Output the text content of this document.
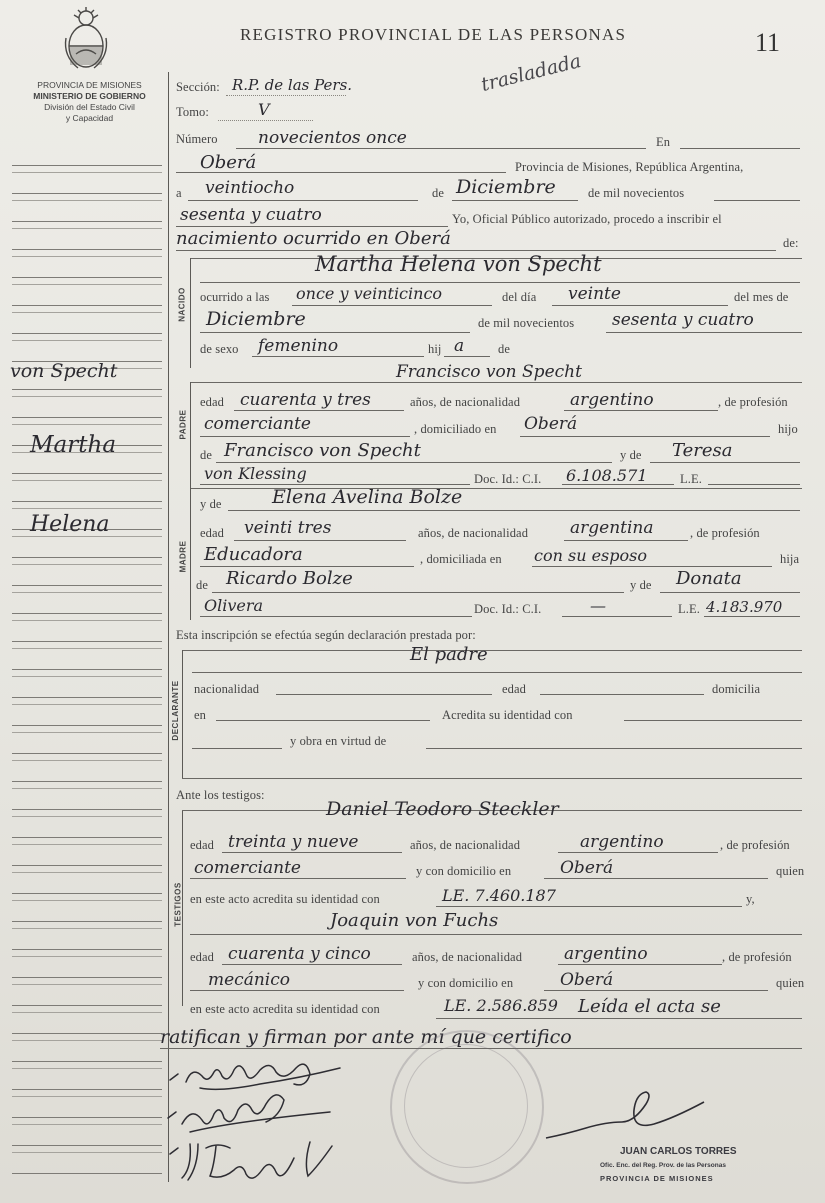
PROVINCIA DE MISIONES
MINISTERIO DE GOBIERNO
División del Estado Civil
y Capacidad
REGISTRO PROVINCIAL DE LAS PERSONAS	11
von Specht
Martha
Helena
Sección: R.P. de las Pers.	trasladada
Tomo:	V
Número novecientos once	En
Oberá	Provincia de Misiones, República Argentina,
a veintiocho	de Diciembre	de mil novecientos
sesenta y cuatro	Yo, Oficial Público autorizado, procedo a inscribir el
nacimiento ocurrido en Oberá	de:
NACIDO
Martha Helena von Specht
ocurrido a las once y veinticinco	del día veinte	del mes de
Diciembre	de mil novecientos sesenta y cuatro
de sexo femenino	hij a	de
PADRE
Francisco von Specht
edad cuarenta y tres	años, de nacionalidad	argentino	, de profesión
comerciante	, domiciliado en Oberá	hijo
de Francisco von Specht	y de Teresa
von Klessing	Doc. Id.: C.I. 6.108.571	L.E.
MADRE
y de	Elena Avelina Bolze
edad veinti tres	años, de nacionalidad argentina	, de profesión
Educadora	, domiciliada en con su esposo	hija
de Ricardo Bolze	y de Donata
Olivera	Doc. Id.: C.I.	—	L.E. 4.183.970
Esta inscripción se efectúa según declaración prestada por:
DECLARANTE
El padre
nacionalidad	edad	domicilia
en	Acredita su identidad con
y obra en virtud de
Ante los testigos:
TESTIGOS
Daniel Teodoro Steckler
edad treinta y nueve	años, de nacionalidad	argentino	, de profesión
comerciante	y con domicilio en	Oberá	quien
en este acto acredita su identidad con	LE. 7.460.187	y,
Joaquin von Fuchs
edad cuarenta y cinco	años, de nacionalidad argentino	, de profesión
mecánico	y con domicilio en	Oberá	quien
en este acto acredita su identidad con	LE. 2.586.859 Leída el acta se
ratifican y firman por ante mí que certifico
JUAN CARLOS TORRES
Ofic. Enc. del Reg. Prov. de las Personas
PROVINCIA DE MISIONES
